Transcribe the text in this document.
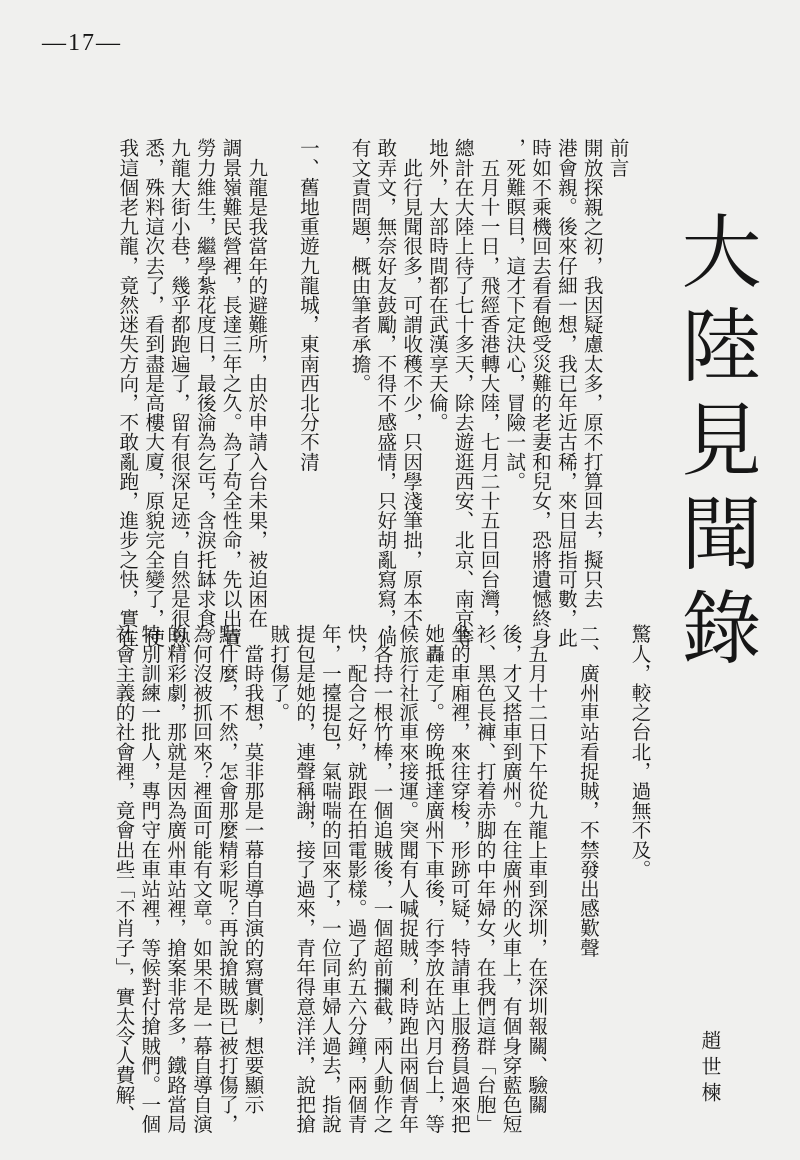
—17—
大陸見聞錄
趙世楝
前言
開放探親之初，我因疑慮太多，原不打算回去，擬只去
港會親。後來仔細一想，我已年近古稀，來日屈指可數，此
時如不乘機回去看看飽受災難的老妻和兒女，恐將遺憾終身
，死難瞑目，這才下定決心，冒險一試。
　五月十一日，飛經香港轉大陸，七月二十五日回台灣，
總計在大陸上待了七十多天，除去遊逛西安、北京、南京等
地外，大部時間都在武漢享天倫。
　此行見聞很多，可謂收穫不少，只因學淺筆拙，原本不
敢弄文，無奈好友鼓勵，不得不感盛情，只好胡亂寫寫，倘
有文責問題，概由筆者承擔。

一、舊地重遊九龍城，東南西北分不清

　九龍是我當年的避難所，由於申請入台未果，被迫困在
調景嶺難民營裡，長達三年之久。為了苟全性命，先以出賣
勞力維生，繼學紮花度日，最後淪為乞丐，含淚托缽求食。
九龍大街小巷，幾乎都跑遍了，留有很深足迹，自然是很熟
悉，殊料這次去了，看到盡是高樓大廈，原貌完全變了，使
我這個老九龍，竟然迷失方向，不敢亂跑，進步之快，實在
驚人，較之台北，過無不及。

二、廣州車站看捉賊，不禁發出感歎聲

　五月十二日下午從九龍上車到深圳，在深圳報關、驗關
後，才又搭車到廣州。在往廣州的火車上，有個身穿藍色短
衫、黑色長褲、打着赤脚的中年婦女，在我們這群「台胞」
坐的車廂裡，來往穿梭，形跡可疑，特請車上服務員過來把
她轟走了。傍晚抵達廣州下車後，行李放在站內月台上，等
候旅行社派車來接運。突聞有人喊捉賊，利時跑出兩個青年
，各持一根竹棒，一個追賊後，一個超前攔截，兩人動作之
快，配合之好，就跟在拍電影樣。過了約五六分鐘，兩個青
年，一擡提包，氣喘喘的回來了，一位同車婦人過去，指說
提包是她的，連聲稱謝，接了過來，青年得意洋洋，說把搶
賊打傷了。
　當時我想，莫非那是一幕自導自演的寫實劇，想要顯示
點什麼，不然，怎會那麼精彩呢？再說搶賊既已被打傷了，
為何沒被抓回來？裡面可能有文章。如果不是一幕自導自演
的精彩劇，那就是因為廣州車站裡，搶案非常多，鐵路當局
特別訓練一批人，專門守在車站裡，等候對付搶賊們。一個
社會主義的社會裡，竟會出些「不肖子」，實太令人費解、
